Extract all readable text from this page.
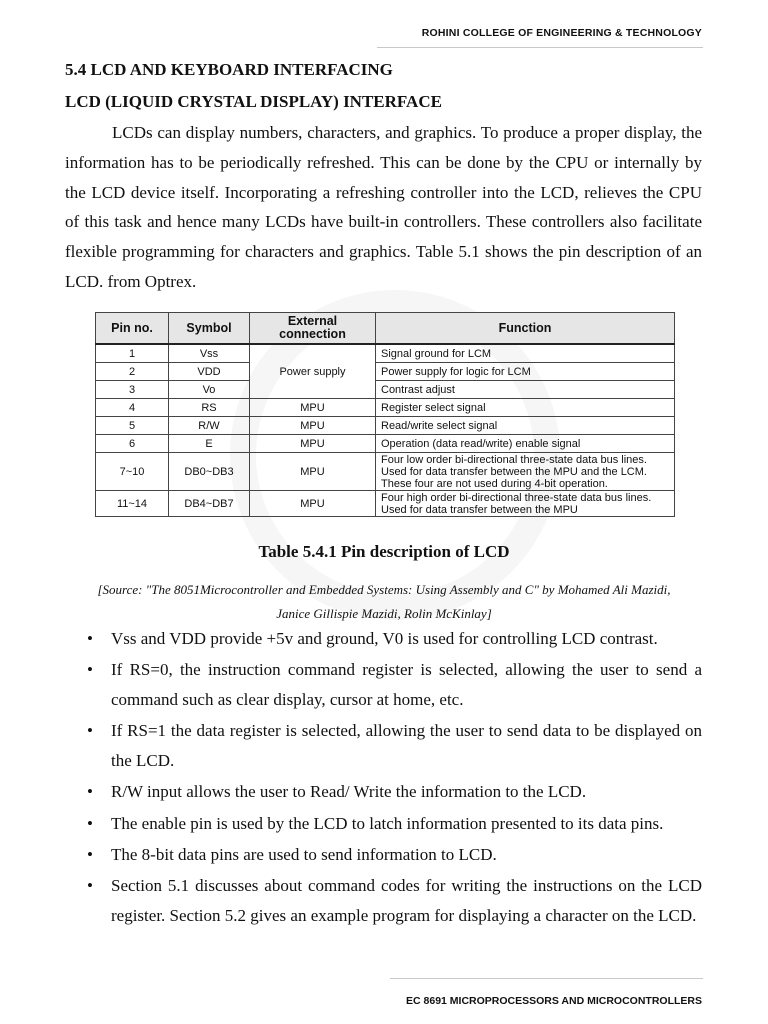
ROHINI COLLEGE OF ENGINEERING & TECHNOLOGY
5.4 LCD AND KEYBOARD INTERFACING
LCD (LIQUID CRYSTAL DISPLAY) INTERFACE

LCDs can display numbers, characters, and graphics. To produce a proper display, the information has to be periodically refreshed. This can be done by the CPU or internally by the LCD device itself. Incorporating a refreshing controller into the LCD, relieves the CPU of this task and hence many LCDs have built-in controllers. These controllers also facilitate flexible programming for characters and graphics. Table 5.1 shows the pin description of an LCD. from Optrex.

Pin no.	Symbol	External connection	Function
1	Vss	Power supply	Signal ground for LCM
2	VDD		Power supply for logic for LCM
3	Vo		Contrast adjust
4	RS	MPU	Register select signal
5	R/W	MPU	Read/write select signal
6	E	MPU	Operation (data read/write) enable signal
7~10	DB0~DB3	MPU	Four low order bi-directional three-state data bus lines. Used for data transfer between the MPU and the LCM. These four are not used during 4-bit operation.
11~14	DB4~DB7	MPU	Four high order bi-directional three-state data bus lines. Used for data transfer between the MPU
Table 5.4.1 Pin description of LCD
[Source: "The 8051Microcontroller and Embedded Systems: Using Assembly and C" by Mohamed Ali Mazidi,
Janice Gillispie Mazidi, Rolin McKinlay]
• Vss and VDD provide +5v and ground, V0 is used for controlling LCD contrast.
• If RS=0, the instruction command register is selected, allowing the user to send a command such as clear display, cursor at home, etc.
• If RS=1 the data register is selected, allowing the user to send data to be displayed on the LCD.
• R/W input allows the user to Read/ Write the information to the LCD.
• The enable pin is used by the LCD to latch information presented to its data pins.
• The 8-bit data pins are used to send information to LCD.
• Section 5.1 discusses about command codes for writing the instructions on the LCD register. Section 5.2 gives an example program for displaying a character on the LCD.
EC 8691 MICROPROCESSORS AND MICROCONTROLLERS
